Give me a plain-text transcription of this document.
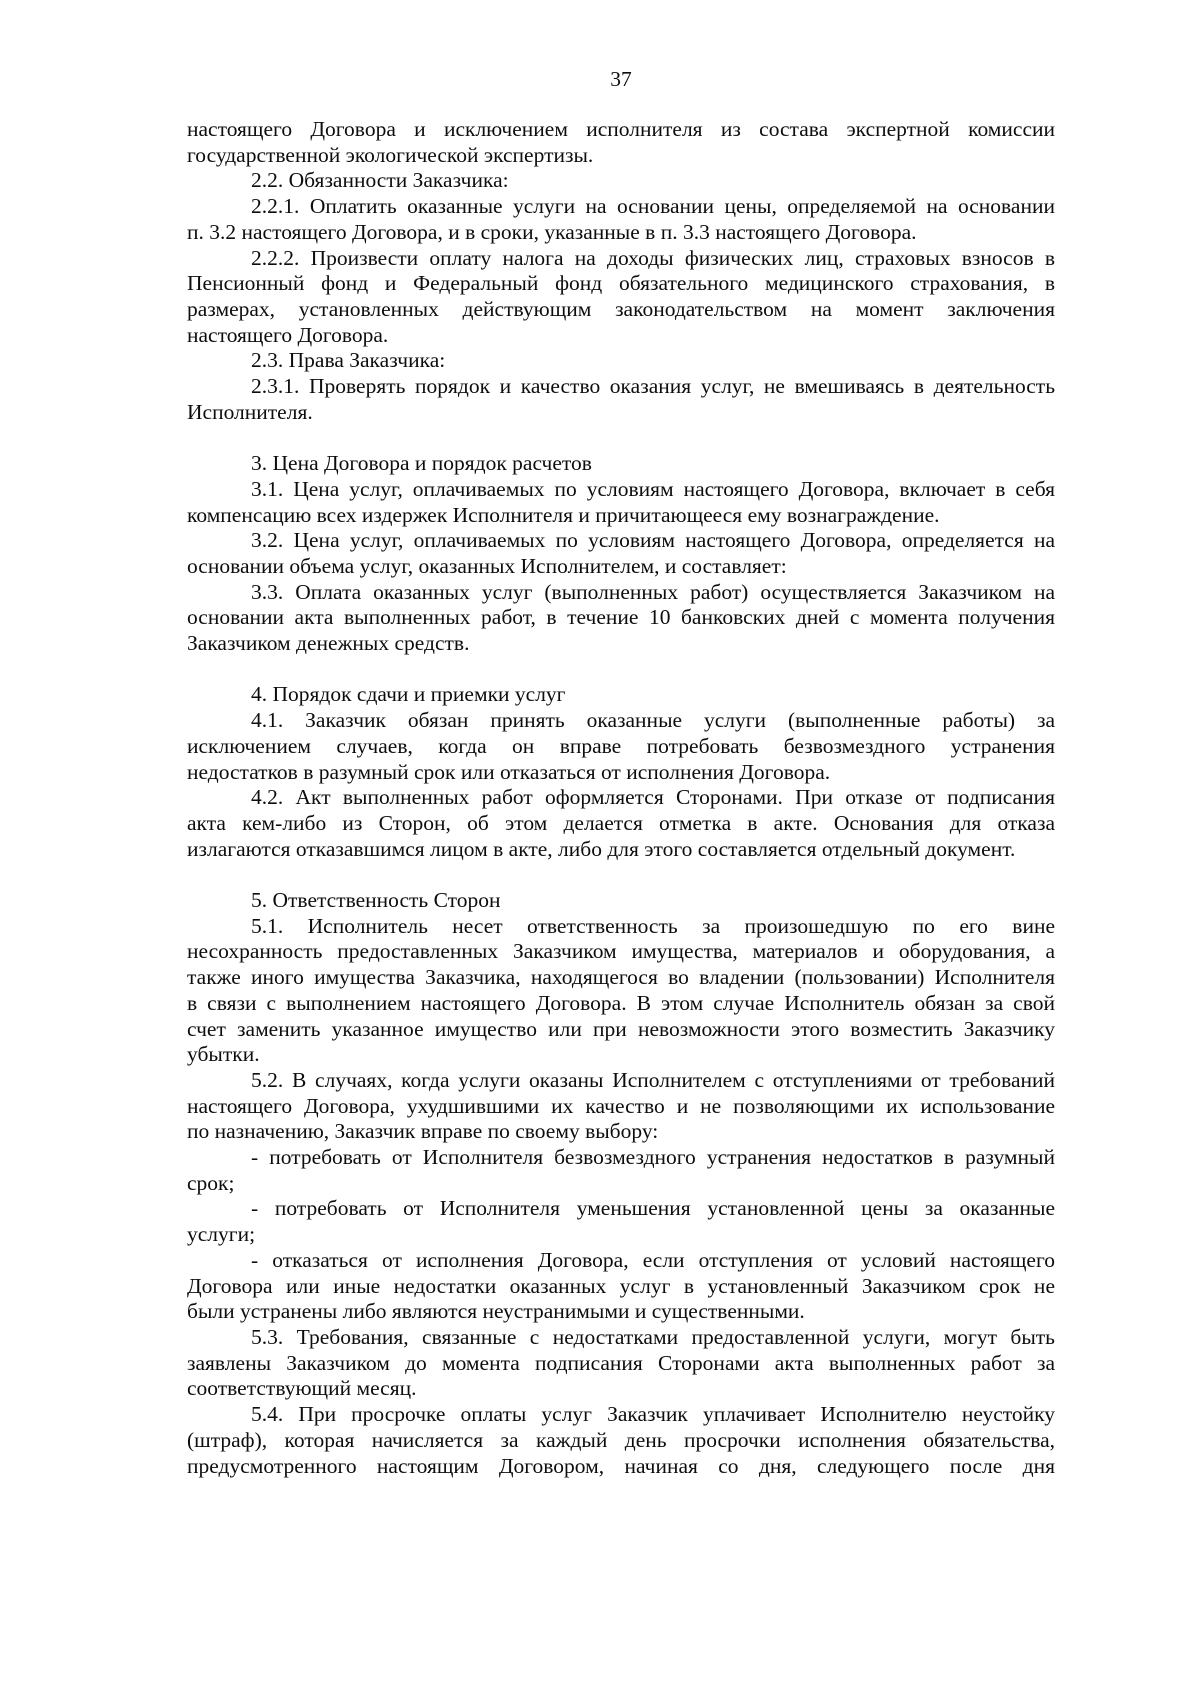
37
настоящего Договора и исключением исполнителя из состава экспертной комиссии
государственной экологической экспертизы.
2.2. Обязанности Заказчика:
2.2.1. Оплатить оказанные услуги на основании цены, определяемой на основании
п. 3.2 настоящего Договора, и в сроки, указанные в п. 3.3 настоящего Договора.
2.2.2. Произвести оплату налога на доходы физических лиц, страховых взносов в
Пенсионный фонд и Федеральный фонд обязательного медицинского страхования, в
размерах, установленных действующим законодательством на момент заключения
настоящего Договора.
2.3. Права Заказчика:
2.3.1. Проверять порядок и качество оказания услуг, не вмешиваясь в деятельность
Исполнителя.
3. Цена Договора и порядок расчетов
3.1. Цена услуг, оплачиваемых по условиям настоящего Договора, включает в себя
компенсацию всех издержек Исполнителя и причитающееся ему вознаграждение.
3.2. Цена услуг, оплачиваемых по условиям настоящего Договора, определяется на
основании объема услуг, оказанных Исполнителем, и составляет:
3.3. Оплата оказанных услуг (выполненных работ) осуществляется Заказчиком на
основании акта выполненных работ, в течение 10 банковских дней с момента получения
Заказчиком денежных средств.
4. Порядок сдачи и приемки услуг
4.1. Заказчик обязан принять оказанные услуги (выполненные работы) за
исключением случаев, когда он вправе потребовать безвозмездного устранения
недостатков в разумный срок или отказаться от исполнения Договора.
4.2. Акт выполненных работ оформляется Сторонами. При отказе от подписания
акта кем-либо из Сторон, об этом делается отметка в акте. Основания для отказа
излагаются отказавшимся лицом в акте, либо для этого составляется отдельный документ.
5. Ответственность Сторон
5.1. Исполнитель несет ответственность за произошедшую по его вине
несохранность предоставленных Заказчиком имущества, материалов и оборудования, а
также иного имущества Заказчика, находящегося во владении (пользовании) Исполнителя
в связи с выполнением настоящего Договора. В этом случае Исполнитель обязан за свой
счет заменить указанное имущество или при невозможности этого возместить Заказчику
убытки.
5.2. В случаях, когда услуги оказаны Исполнителем с отступлениями от требований
настоящего Договора, ухудшившими их качество и не позволяющими их использование
по назначению, Заказчик вправе по своему выбору:
- потребовать от Исполнителя безвозмездного устранения недостатков в разумный
срок;
- потребовать от Исполнителя уменьшения установленной цены за оказанные
услуги;
- отказаться от исполнения Договора, если отступления от условий настоящего
Договора или иные недостатки оказанных услуг в установленный Заказчиком срок не
были устранены либо являются неустранимыми и существенными.
5.3. Требования, связанные с недостатками предоставленной услуги, могут быть
заявлены Заказчиком до момента подписания Сторонами акта выполненных работ за
соответствующий месяц.
5.4. При просрочке оплаты услуг Заказчик уплачивает Исполнителю неустойку
(штраф), которая начисляется за каждый день просрочки исполнения обязательства,
предусмотренного настоящим Договором, начиная со дня, следующего после дня
